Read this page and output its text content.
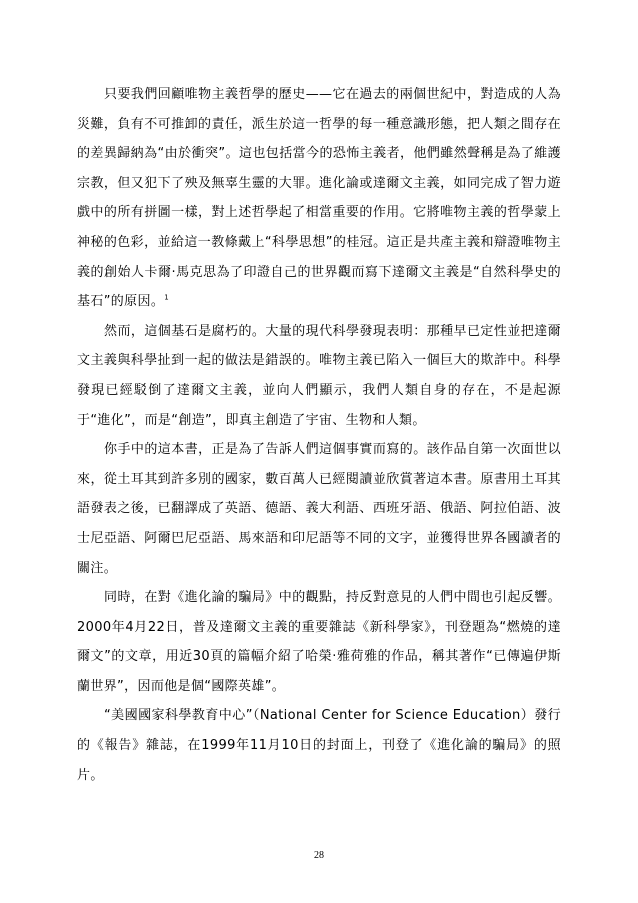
只要我們回顧唯物主義哲學的歷史——它在過去的兩個世紀中，對造成的人為災難，負有不可推卸的責任，派生於這一哲學的每一種意識形態，把人類之間存在的差異歸納為“由於衝突”。這也包括當今的恐怖主義者，他們雖然聲稱是為了維護宗教，但又犯下了殃及無辜生靈的大罪。進化論或達爾文主義，如同完成了智力遊戲中的所有拼圖一樣，對上述哲學起了相當重要的作用。它將唯物主義的哲學蒙上神秘的色彩，並給這一教條戴上“科學思想”的桂冠。這正是共產主義和辯證唯物主義的創始人卡爾·馬克思為了印證自己的世界觀而寫下達爾文主義是“自然科學史的基石”的原因。$^1$

然而，這個基石是腐朽的。大量的現代科學發現表明：那種早已定性並把達爾文主義與科學扯到一起的做法是錯誤的。唯物主義已陷入一個巨大的欺詐中。科學發現已經駁倒了達爾文主義，並向人們顯示，我們人類自身的存在，不是起源于“進化”，而是“創造”，即真主創造了宇宙、生物和人類。

你手中的這本書，正是為了告訴人們這個事實而寫的。該作品自第一次面世以來，從土耳其到許多別的國家，數百萬人已經閱讀並欣賞著這本書。原書用土耳其語發表之後，已翻譯成了英語、德語、義大利語、西班牙語、俄語、阿拉伯語、波士尼亞語、阿爾巴尼亞語、馬來語和印尼語等不同的文字，並獲得世界各國讀者的關注。

同時，在對《進化論的騙局》中的觀點，持反對意見的人們中間也引起反響。2000年4月22日，普及達爾文主義的重要雜誌《新科學家》，刊登題為“燃燒的達爾文”的文章，用近30頁的篇幅介紹了哈榮·雅荷雅的作品，稱其著作“已傳遍伊斯蘭世界”，因而他是個“國際英雄”。

“美國國家科學教育中心”（National Center for Science Education）發行的《報告》雜誌，在1999年11月10日的封面上，刊登了《進化論的騙局》的照片。

28
